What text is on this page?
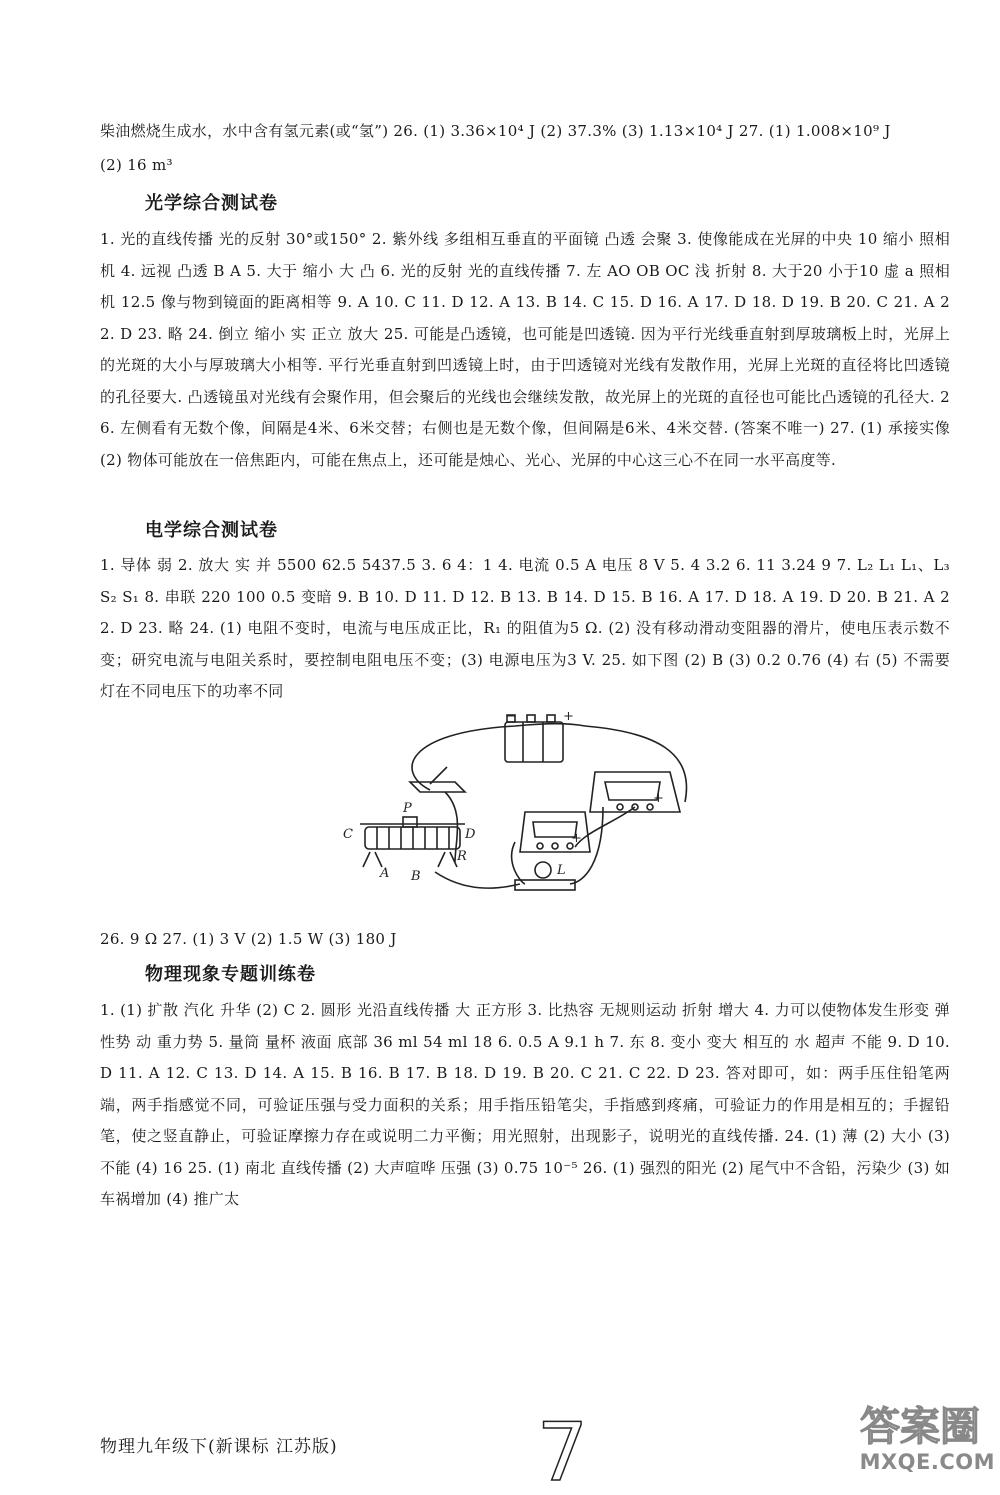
柴油燃烧生成水，水中含有氢元素(或“氢”) 26. (1) 3.36×10⁴ J (2) 37.3% (3) 1.13×10⁴ J 27. (1) 1.008×10⁹ J
(2) 16 m³
光学综合测试卷
1. 光的直线传播 光的反射 30°或150° 2. 紫外线 多组相互垂直的平面镜 凸透 会聚 3. 使像能成在光屏的中央 10 缩小 照相机 4. 远视 凸透 B A 5. 大于 缩小 大 凸 6. 光的反射 光的直线传播 7. 左 AO OB OC 浅 折射 8. 大于20 小于10 虚 a 照相机 12.5 像与物到镜面的距离相等 9. A 10. C 11. D 12. A 13. B 14. C 15. D 16. A 17. D 18. D 19. B 20. C 21. A 22. D 23. 略 24. 倒立 缩小 实 正立 放大 25. 可能是凸透镜，也可能是凹透镜. 因为平行光线垂直射到厚玻璃板上时，光屏上的光斑的大小与厚玻璃大小相等. 平行光垂直射到凹透镜上时，由于凹透镜对光线有发散作用，光屏上光斑的直径将比凹透镜的孔径要大. 凸透镜虽对光线有会聚作用，但会聚后的光线也会继续发散，故光屏上的光斑的直径也可能比凸透镜的孔径大. 26. 左侧看有无数个像，间隔是4米、6米交替；右侧也是无数个像，但间隔是6米、4米交替. (答案不唯一) 27. (1) 承接实像 (2) 物体可能放在一倍焦距内，可能在焦点上，还可能是烛心、光心、光屏的中心这三心不在同一水平高度等.
电学综合测试卷
1. 导体 弱 2. 放大 实 并 5500 62.5 5437.5 3. 6 4：1 4. 电流 0.5 A 电压 8 V 5. 4 3.2 6. 11 3.24 9 7. L₂ L₁ L₁、L₃ S₂ S₁ 8. 串联 220 100 0.5 变暗 9. B 10. D 11. D 12. B 13. B 14. D 15. B 16. A 17. D 18. A 19. D 20. B 21. A 22. D 23. 略 24. (1) 电阻不变时，电流与电压成正比，R₁ 的阻值为5 Ω. (2) 没有移动滑动变阻器的滑片，使电压表示数不变；研究电流与电阻关系时，要控制电阻电压不变；(3) 电源电压为3 V. 25. 如下图 (2) B (3) 0.2 0.76 (4) 右 (5) 不需要 灯在不同电压下的功率不同
C
P
D
A B
R
L
+
+
+
−
26. 9 Ω 27. (1) 3 V (2) 1.5 W (3) 180 J
物理现象专题训练卷
1. (1) 扩散 汽化 升华 (2) C 2. 圆形 光沿直线传播 大 正方形 3. 比热容 无规则运动 折射 增大 4. 力可以使物体发生形变 弹性势 动 重力势 5. 量筒 量杯 液面 底部 36 ml 54 ml 18 6. 0.5 A 9.1 h 7. 东 8. 变小 变大 相互的 水 超声 不能 9. D 10. D 11. A 12. C 13. D 14. A 15. B 16. B 17. B 18. D 19. B 20. C 21. C 22. D 23. 答对即可，如：两手压住铅笔两端，两手指感觉不同，可验证压强与受力面积的关系；用手指压铅笔尖，手指感到疼痛，可验证力的作用是相互的；手握铅笔，使之竖直静止，可验证摩擦力存在或说明二力平衡；用光照射，出现影子，说明光的直线传播. 24. (1) 薄 (2) 大小 (3) 不能 (4) 16 25. (1) 南北 直线传播 (2) 大声喧哗 压强 (3) 0.75 10⁻⁵ 26. (1) 强烈的阳光 (2) 尾气中不含铅，污染少 (3) 如车祸增加 (4) 推广太
物理九年级下(新课标 江苏版) 7	答案圈
MXQE.COM
